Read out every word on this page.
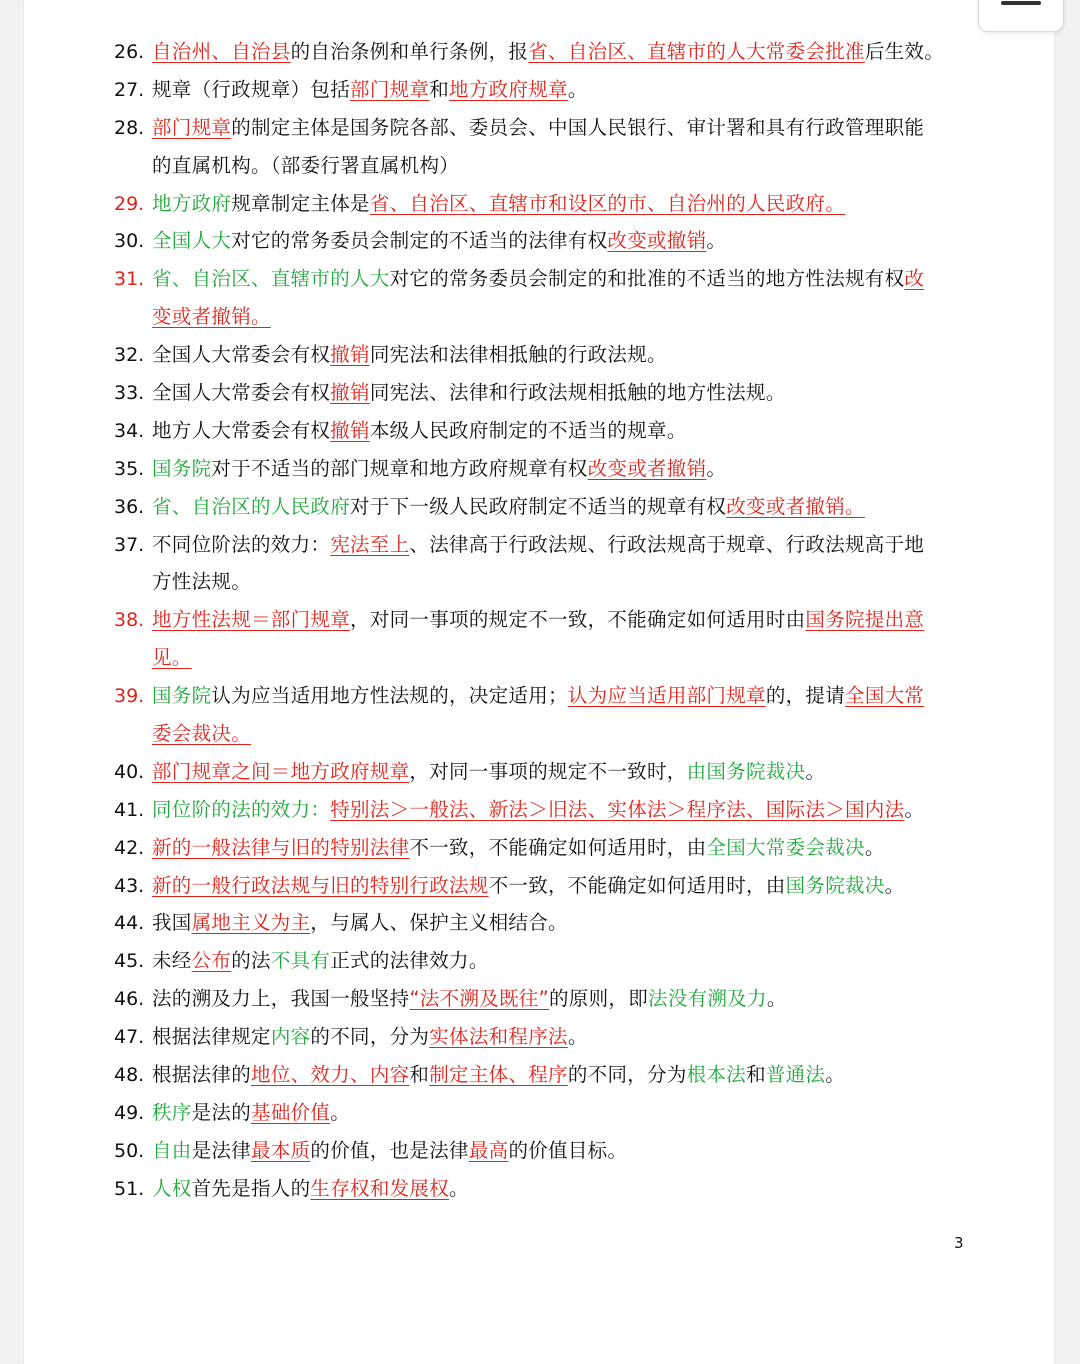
26. 自治州、自治县的自治条例和单行条例，报省、自治区、直辖市的人大常委会批准后生效。
27. 规章（行政规章）包括部门规章和地方政府规章。
28. 部门规章的制定主体是国务院各部、委员会、中国人民银行、审计署和具有行政管理职能
的直属机构。（部委行署直属机构）
29. 地方政府规章制定主体是省、自治区、直辖市和设区的市、自治州的人民政府。
30. 全国人大对它的常务委员会制定的不适当的法律有权改变或撤销。
31. 省、自治区、直辖市的人大对它的常务委员会制定的和批准的不适当的地方性法规有权改
变或者撤销。
32. 全国人大常委会有权撤销同宪法和法律相抵触的行政法规。
33. 全国人大常委会有权撤销同宪法、法律和行政法规相抵触的地方性法规。
34. 地方人大常委会有权撤销本级人民政府制定的不适当的规章。
35. 国务院对于不适当的部门规章和地方政府规章有权改变或者撤销。
36. 省、自治区的人民政府对于下一级人民政府制定不适当的规章有权改变或者撤销。
37. 不同位阶法的效力：宪法至上、法律高于行政法规、行政法规高于规章、行政法规高于地
方性法规。
38. 地方性法规＝部门规章，对同一事项的规定不一致，不能确定如何适用时由国务院提出意
见。
39. 国务院认为应当适用地方性法规的，决定适用；认为应当适用部门规章的，提请全国大常
委会裁决。
40. 部门规章之间＝地方政府规章，对同一事项的规定不一致时，由国务院裁决。
41. 同位阶的法的效力：特别法＞一般法、新法＞旧法、实体法＞程序法、国际法＞国内法。
42. 新的一般法律与旧的特别法律不一致，不能确定如何适用时，由全国大常委会裁决。
43. 新的一般行政法规与旧的特别行政法规不一致，不能确定如何适用时，由国务院裁决。
44. 我国属地主义为主，与属人、保护主义相结合。
45. 未经公布的法不具有正式的法律效力。
46. 法的溯及力上，我国一般坚持“法不溯及既往”的原则，即法没有溯及力。
47. 根据法律规定内容的不同，分为实体法和程序法。
48. 根据法律的地位、效力、内容和制定主体、程序的不同，分为根本法和普通法。
49. 秩序是法的基础价值。
50. 自由是法律最本质的价值，也是法律最高的价值目标。
51. 人权首先是指人的生存权和发展权。
3
